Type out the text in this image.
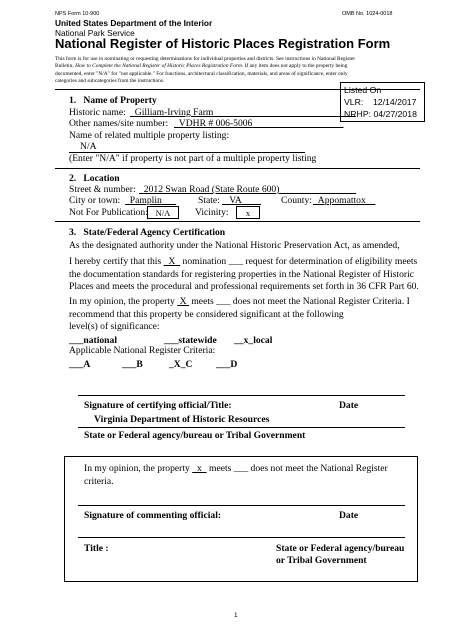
NPS Form 10-900	OMB No. 1024-0018
United States Department of the Interior
National Park Service
National Register of Historic Places Registration Form
This form is for use in nominating or requesting determinations for individual properties and districts. See instructions in National Register
Bulletin, How to Complete the National Register of Historic Places Registration Form. If any item does not apply to the property being
documented, enter "N/A" for "not applicable." For functions, architectural classification, materials, and areas of significance, enter only
categories and subcategories from the instructions.
Listed On
VLR:    12/14/2017
NRHP: 04/27/2018
1.   Name of Property
Historic name: Gilliam-Irving Farm
Other names/site number:	VDHR # 006-5006
Name of related multiple property listing:
N/A
(Enter "N/A" if property is not part of a multiple property listing
2.   Location
Street & number: 2012 Swan Road (State Route 600)
City or town:	Pamplin	State: VA	County: Appomattox
Not For Publication: N/A	Vicinity:	x
3.   State/Federal Agency Certification
As the designated authority under the National Historic Preservation Act, as amended,
I hereby certify that this X nomination ___ request for determination of eligibility meets
the documentation standards for registering properties in the National Register of Historic
Places and meets the procedural and professional requirements set forth in 36 CFR Part 60.
In my opinion, the property X meets ___ does not meet the National Register Criteria. I
recommend that this property be considered significant at the following
level(s) of significance:
___national	___statewide __x_local
Applicable National Register Criteria:
___A	___B	_X_C ___D
Signature of certifying official/Title:	Date
Virginia Department of Historic Resources
State or Federal agency/bureau or Tribal Government
In my opinion, the property x meets ___ does not meet the National Register
criteria.
Signature of commenting official:	Date
Title :	State or Federal agency/bureau
or Tribal Government
1
